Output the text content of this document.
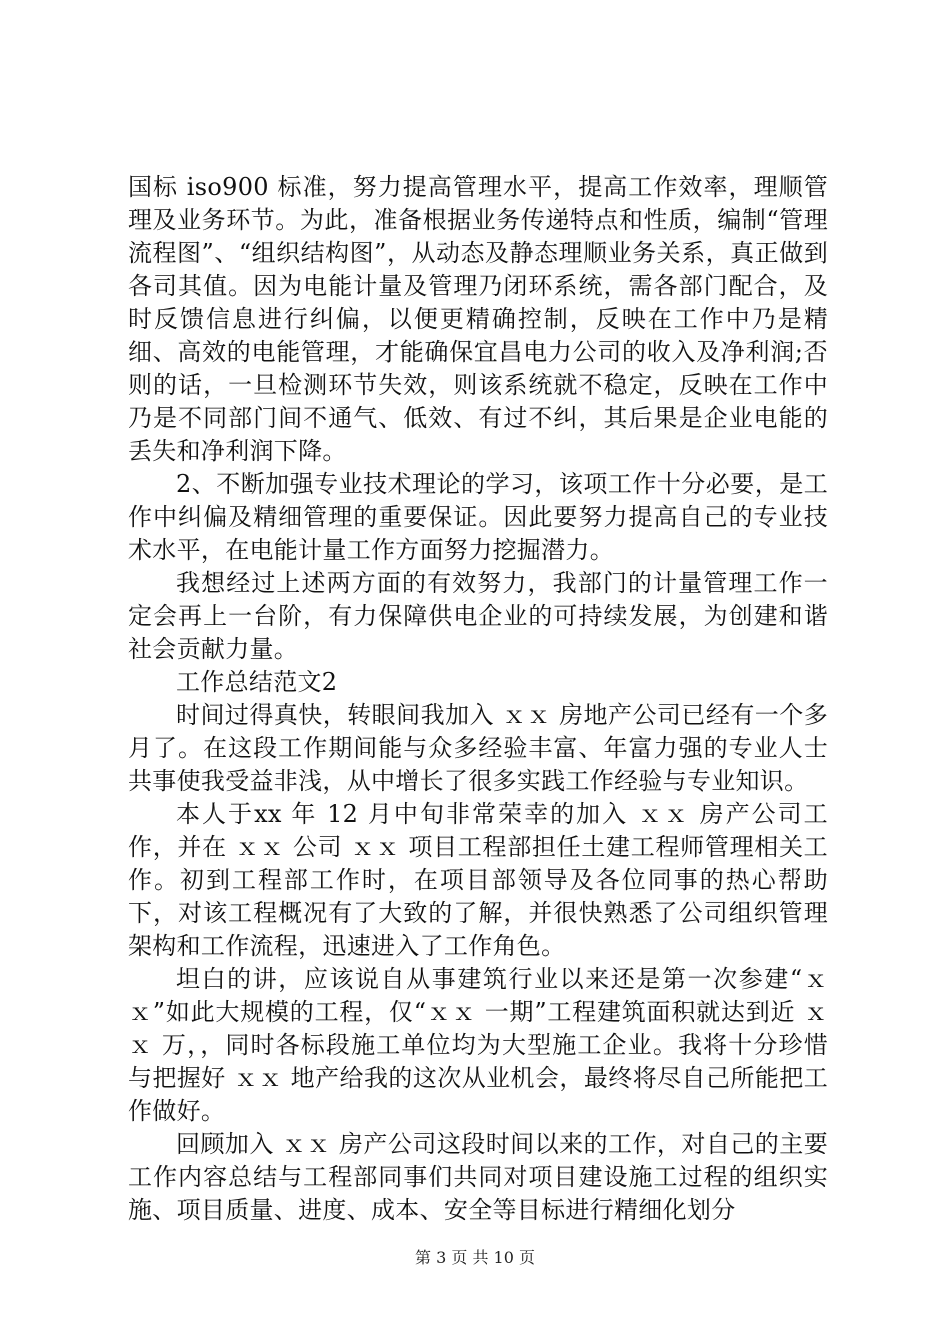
国标 iso900 标准，努力提高管理水平，提高工作效率，理顺管理及业务环节。为此，准备根据业务传递特点和性质，编制“管理流程图”、“组织结构图”，从动态及静态理顺业务关系，真正做到各司其值。因为电能计量及管理乃闭环系统，需各部门配合，及时反馈信息进行纠偏，以便更精确控制，反映在工作中乃是精细、高效的电能管理，才能确保宜昌电力公司的收入及净利润;否则的话，一旦检测环节失效，则该系统就不稳定，反映在工作中乃是不同部门间不通气、低效、有过不纠，其后果是企业电能的丢失和净利润下降。

2、不断加强专业技术理论的学习，该项工作十分必要，是工作中纠偏及精细管理的重要保证。因此要努力提高自己的专业技术水平，在电能计量工作方面努力挖掘潜力。

我想经过上述两方面的有效努力，我部门的计量管理工作一定会再上一台阶，有力保障供电企业的可持续发展，为创建和谐社会贡献力量。

工作总结范文2

时间过得真快，转眼间我加入 ｘｘ 房地产公司已经有一个多月了。在这段工作期间能与众多经验丰富、年富力强的专业人士共事使我受益非浅，从中增长了很多实践工作经验与专业知识。

本人于xx 年 12 月中旬非常荣幸的加入 ｘｘ 房产公司工作，并在 ｘｘ 公司 ｘｘ 项目工程部担任土建工程师管理相关工作。初到工程部工作时，在项目部领导及各位同事的热心帮助下，对该工程概况有了大致的了解，并很快熟悉了公司组织管理架构和工作流程，迅速进入了工作角色。

坦白的讲，应该说自从事建筑行业以来还是第一次参建“ｘｘ”如此大规模的工程，仅“ｘｘ 一期”工程建筑面积就达到近 ｘｘ 万，，同时各标段施工单位均为大型施工企业。我将十分珍惜与把握好 ｘｘ 地产给我的这次从业机会，最终将尽自己所能把工作做好。

回顾加入 ｘｘ 房产公司这段时间以来的工作，对自己的主要工作内容总结与工程部同事们共同对项目建设施工过程的组织实施、项目质量、进度、成本、安全等目标进行精细化划分

第 3 页 共 10 页
